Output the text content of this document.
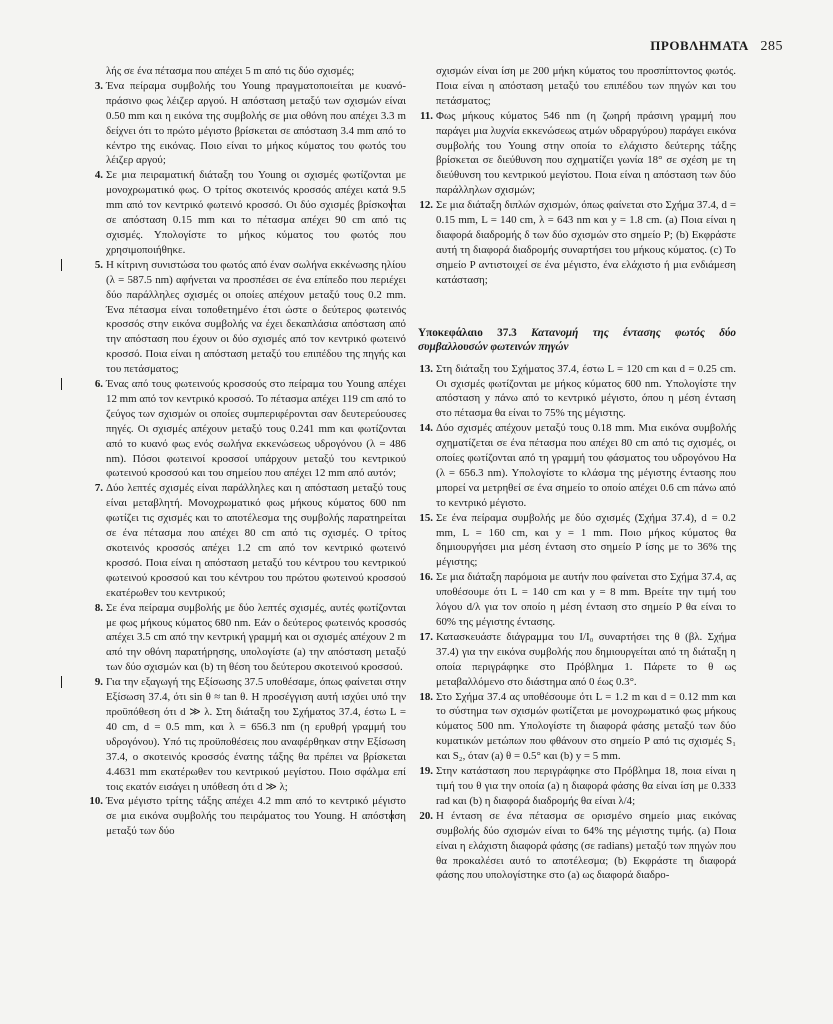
ΠΡΟΒΛΗΜΑΤΑ 285

λής σε ένα πέτασμα που απέχει 5 m από τις δύο σχισμές;

3. Ένα πείραμα συμβολής του Young πραγματοποιείται με κυανό-πράσινο φως λέιζερ αργού. Η απόσταση μεταξύ των σχισμών είναι 0.50 mm και η εικόνα της συμβολής σε μια οθόνη που απέχει 3.3 m δείχνει ότι το πρώτο μέγιστο βρίσκεται σε απόσταση 3.4 mm από το κέντρο της εικόνας. Ποιο είναι το μήκος κύματος του φωτός του λέιζερ αργού;

4. Σε μια πειραματική διάταξη του Young οι σχισμές φωτίζονται με μονοχρωματικό φως. Ο τρίτος σκοτεινός κροσσός απέχει κατά 9.5 mm από τον κεντρικό φωτεινό κροσσό. Οι δύο σχισμές βρίσκονται σε απόσταση 0.15 mm και το πέτασμα απέχει 90 cm από τις σχισμές. Υπολογίστε το μήκος κύματος του φωτός που χρησιμοποιήθηκε.

5. Η κίτρινη συνιστώσα του φωτός από έναν σωλήνα εκκένωσης ηλίου (λ = 587.5 nm) αφήνεται να προσπέσει σε ένα επίπεδο που περιέχει δύο παράλληλες σχισμές οι οποίες απέχουν μεταξύ τους 0.2 mm. Ένα πέτασμα είναι τοποθετημένο έτσι ώστε ο δεύτερος φωτεινός κροσσός στην εικόνα συμβολής να έχει δεκαπλάσια απόσταση από την απόσταση που έχουν οι δύο σχισμές από τον κεντρικό φωτεινό κροσσό. Ποια είναι η απόσταση μεταξύ του επιπέδου της πηγής και του πετάσματος;

6. Ένας από τους φωτεινούς κροσσούς στο πείραμα του Young απέχει 12 mm από τον κεντρικό κροσσό. Το πέτασμα απέχει 119 cm από το ζεύγος των σχισμών οι οποίες συμπεριφέρονται σαν δευτερεύουσες πηγές. Οι σχισμές απέχουν μεταξύ τους 0.241 mm και φωτίζονται από το κυανό φως ενός σωλήνα εκκενώσεως υδρογόνου (λ = 486 nm). Πόσοι φωτεινοί κροσσοί υπάρχουν μεταξύ του κεντρικού φωτεινού κροσσού και του σημείου που απέχει 12 mm από αυτόν;

7. Δύο λεπτές σχισμές είναι παράλληλες και η απόσταση μεταξύ τους είναι μεταβλητή. Μονοχρωματικό φως μήκους κύματος 600 nm φωτίζει τις σχισμές και το αποτέλεσμα της συμβολής παρατηρείται σε ένα πέτασμα που απέχει 80 cm από τις σχισμές. Ο τρίτος σκοτεινός κροσσός απέχει 1.2 cm από τον κεντρικό φωτεινό κροσσό. Ποια είναι η απόσταση μεταξύ του κέντρου του κεντρικού φωτεινού κροσσού και του κέντρου του πρώτου φωτεινού κροσσού εκατέρωθεν του κεντρικού;

8. Σε ένα πείραμα συμβολής με δύο λεπτές σχισμές, αυτές φωτίζονται με φως μήκους κύματος 680 nm. Εάν ο δεύτερος φωτεινός κροσσός απέχει 3.5 cm από την κεντρική γραμμή και οι σχισμές απέχουν 2 m από την οθόνη παρατήρησης, υπολογίστε (a) την απόσταση μεταξύ των δύο σχισμών και (b) τη θέση του δεύτερου σκοτεινού κροσσού.

9. Για την εξαγωγή της Εξίσωσης 37.5 υποθέσαμε, όπως φαίνεται στην Εξίσωση 37.4, ότι sin θ ≈ tan θ. Η προσέγγιση αυτή ισχύει υπό την προϋπόθεση ότι d ≫ λ. Στη διάταξη του Σχήματος 37.4, έστω L = 40 cm, d = 0.5 mm, και λ = 656.3 nm (η ερυθρή γραμμή του υδρογόνου). Υπό τις προϋποθέσεις που αναφέρθηκαν στην Εξίσωση 37.4, ο σκοτεινός κροσσός ένατης τάξης θα πρέπει να βρίσκεται 4.4631 mm εκατέρωθεν του κεντρικού μεγίστου. Ποιο σφάλμα επί τοις εκατόν εισάγει η υπόθεση ότι d ≫ λ;

10. Ένα μέγιστο τρίτης τάξης απέχει 4.2 mm από το κεντρικό μέγιστο σε μια εικόνα συμβολής του πειράματος του Young. Η απόσταση μεταξύ των δύο

σχισμών είναι ίση με 200 μήκη κύματος του προσπίπτοντος φωτός. Ποια είναι η απόσταση μεταξύ του επιπέδου των πηγών και του πετάσματος;

11. Φως μήκους κύματος 546 nm (η ζωηρή πράσινη γραμμή που παράγει μια λυχνία εκκενώσεως ατμών υδραργύρου) παράγει εικόνα συμβολής του Young στην οποία το ελάχιστο δεύτερης τάξης βρίσκεται σε διεύθυνση που σχηματίζει γωνία 18° σε σχέση με τη διεύθυνση του κεντρικού μεγίστου. Ποια είναι η απόσταση των δύο παράλληλων σχισμών;

12. Σε μια διάταξη διπλών σχισμών, όπως φαίνεται στο Σχήμα 37.4, d = 0.15 mm, L = 140 cm, λ = 643 nm και y = 1.8 cm. (a) Ποια είναι η διαφορά διαδρομής δ των δύο σχισμών στο σημείο P; (b) Εκφράστε αυτή τη διαφορά διαδρομής συναρτήσει του μήκους κύματος. (c) Το σημείο P αντιστοιχεί σε ένα μέγιστο, ένα ελάχιστο ή μια ενδιάμεση κατάσταση;

Υποκεφάλαιο 37.3 Κατανομή της έντασης φωτός δύο συμβαλλουσών φωτεινών πηγών
13. Στη διάταξη του Σχήματος 37.4, έστω L = 120 cm και d = 0.25 cm. Οι σχισμές φωτίζονται με μήκος κύματος 600 nm. Υπολογίστε την απόσταση y πάνω από το κεντρικό μέγιστο, όπου η μέση ένταση στο πέτασμα θα είναι το 75% της μέγιστης.

14. Δύο σχισμές απέχουν μεταξύ τους 0.18 mm. Μια εικόνα συμβολής σχηματίζεται σε ένα πέτασμα που απέχει 80 cm από τις σχισμές, οι οποίες φωτίζονται από τη γραμμή του φάσματος του υδρογόνου Hα (λ = 656.3 nm). Υπολογίστε το κλάσμα της μέγιστης έντασης που μπορεί να μετρηθεί σε ένα σημείο το οποίο απέχει 0.6 cm πάνω από το κεντρικό μέγιστο.

15. Σε ένα πείραμα συμβολής με δύο σχισμές (Σχήμα 37.4), d = 0.2 mm, L = 160 cm, και y = 1 mm. Ποιο μήκος κύματος θα δημιουργήσει μια μέση ένταση στο σημείο P ίσης με το 36% της μέγιστης;

16. Σε μια διάταξη παρόμοια με αυτήν που φαίνεται στο Σχήμα 37.4, ας υποθέσουμε ότι L = 140 cm και y = 8 mm. Βρείτε την τιμή του λόγου d/λ για τον οποίο η μέση ένταση στο σημείο P θα είναι το 60% της μέγιστης έντασης.

17. Κατασκευάστε διάγραμμα του I/I₀ συναρτήσει της θ (βλ. Σχήμα 37.4) για την εικόνα συμβολής που δημιουργείται από τη διάταξη η οποία περιγράφηκε στο Πρόβλημα 1. Πάρετε το θ ως μεταβαλλόμενο στο διάστημα από 0 έως 0.3°.

18. Στο Σχήμα 37.4 ας υποθέσουμε ότι L = 1.2 m και d = 0.12 mm και το σύστημα των σχισμών φωτίζεται με μονοχρωματικό φως μήκους κύματος 500 nm. Υπολογίστε τη διαφορά φάσης μεταξύ των δύο κυματικών μετώπων που φθάνουν στο σημείο P από τις σχισμές S₁ και S₂, όταν (a) θ = 0.5° και (b) y = 5 mm.

19. Στην κατάσταση που περιγράφηκε στο Πρόβλημα 18, ποια είναι η τιμή του θ για την οποία (a) η διαφορά φάσης θα είναι ίση με 0.333 rad και (b) η διαφορά διαδρομής θα είναι λ/4;

20. Η ένταση σε ένα πέτασμα σε ορισμένο σημείο μιας εικόνας συμβολής δύο σχισμών είναι το 64% της μέγιστης τιμής. (a) Ποια είναι η ελάχιστη διαφορά φάσης (σε radians) μεταξύ των πηγών που θα προκαλέσει αυτό το αποτέλεσμα; (b) Εκφράστε τη διαφορά φάσης που υπολογίστηκε στο (a) ως διαφορά διαδρο-
